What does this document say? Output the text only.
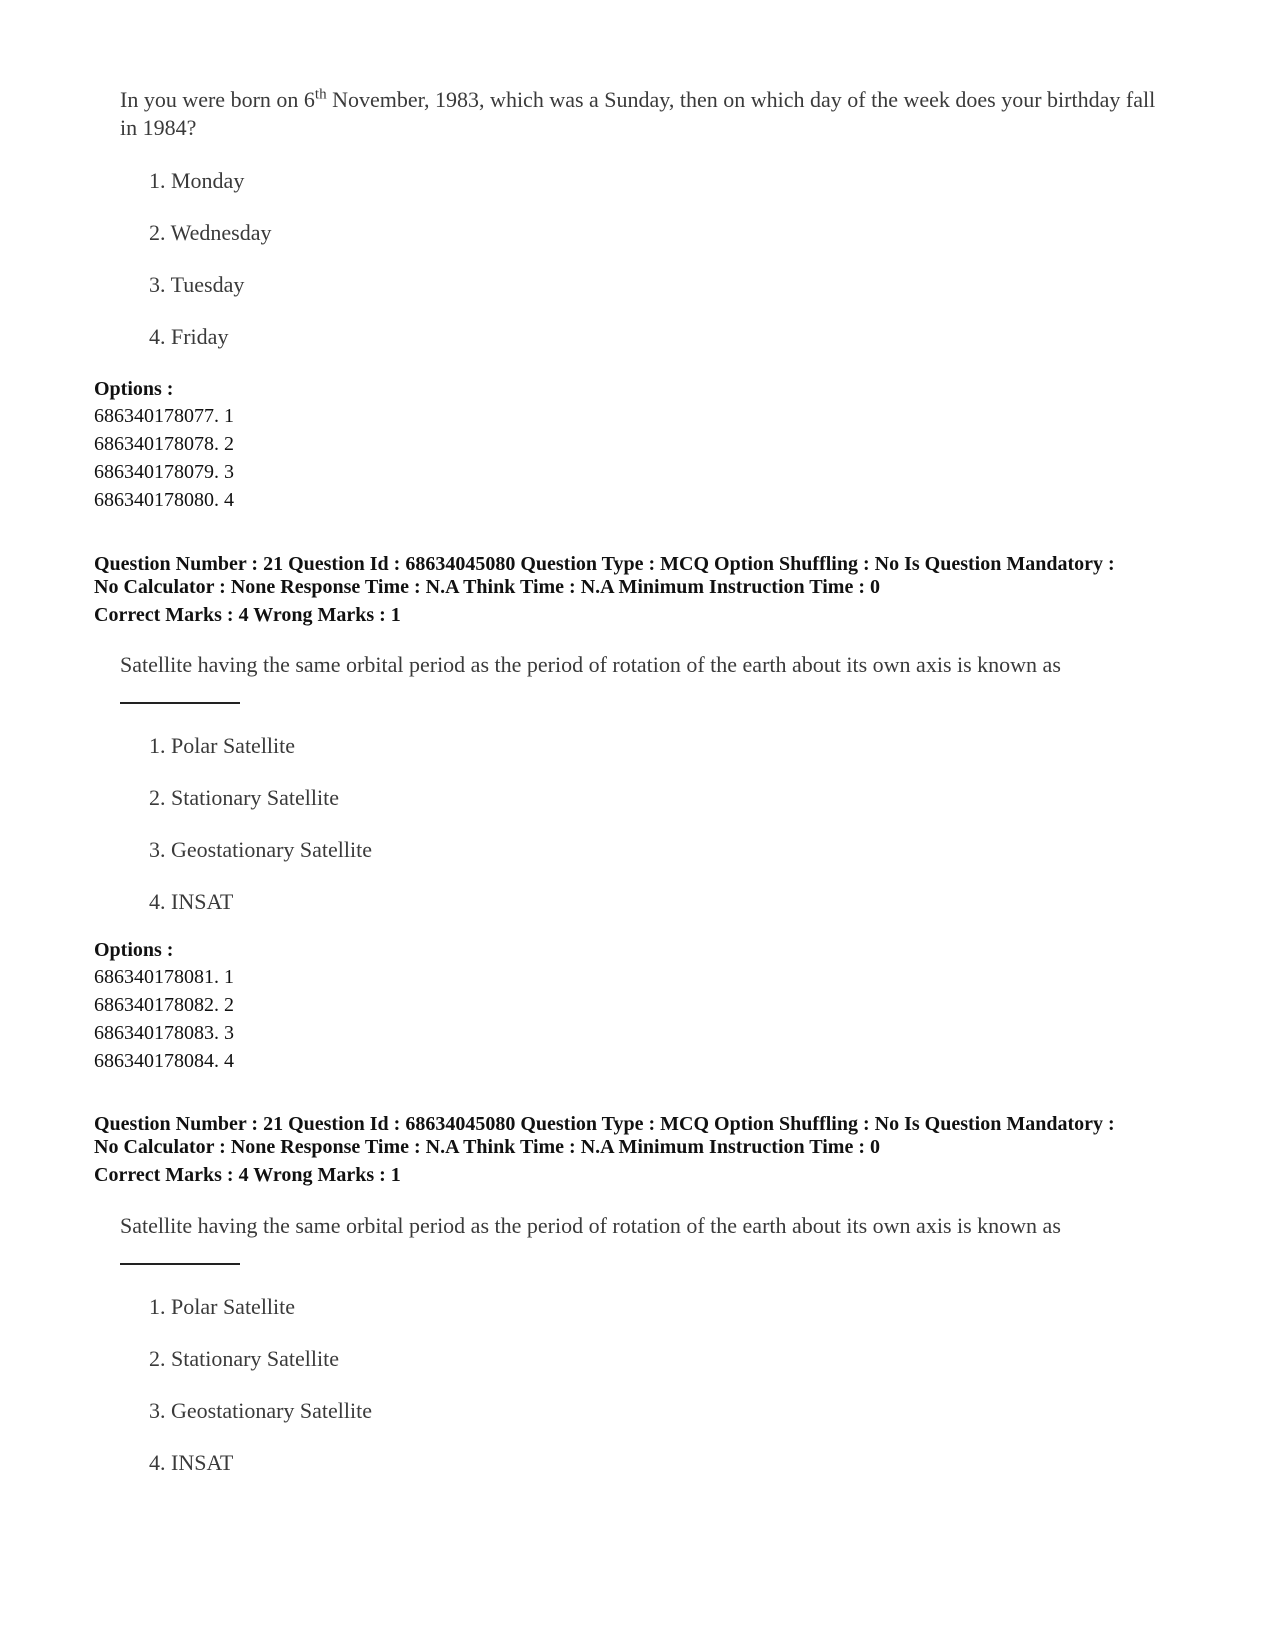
In you were born on 6th November, 1983, which was a Sunday, then on which day of the week does your birthday fall in 1984?
1. Monday
2. Wednesday
3. Tuesday
4. Friday
Options :
686340178077. 1
686340178078. 2
686340178079. 3
686340178080. 4
Question Number : 21 Question Id : 68634045080 Question Type : MCQ Option Shuffling : No Is Question Mandatory :
No Calculator : None Response Time : N.A Think Time : N.A Minimum Instruction Time : 0
Correct Marks : 4 Wrong Marks : 1
Satellite having the same orbital period as the period of rotation of the earth about its own axis is known as
1. Polar Satellite
2. Stationary Satellite
3. Geostationary Satellite
4. INSAT
Options :
686340178081. 1
686340178082. 2
686340178083. 3
686340178084. 4
Question Number : 21 Question Id : 68634045080 Question Type : MCQ Option Shuffling : No Is Question Mandatory :
No Calculator : None Response Time : N.A Think Time : N.A Minimum Instruction Time : 0
Correct Marks : 4 Wrong Marks : 1
Satellite having the same orbital period as the period of rotation of the earth about its own axis is known as
1. Polar Satellite
2. Stationary Satellite
3. Geostationary Satellite
4. INSAT
